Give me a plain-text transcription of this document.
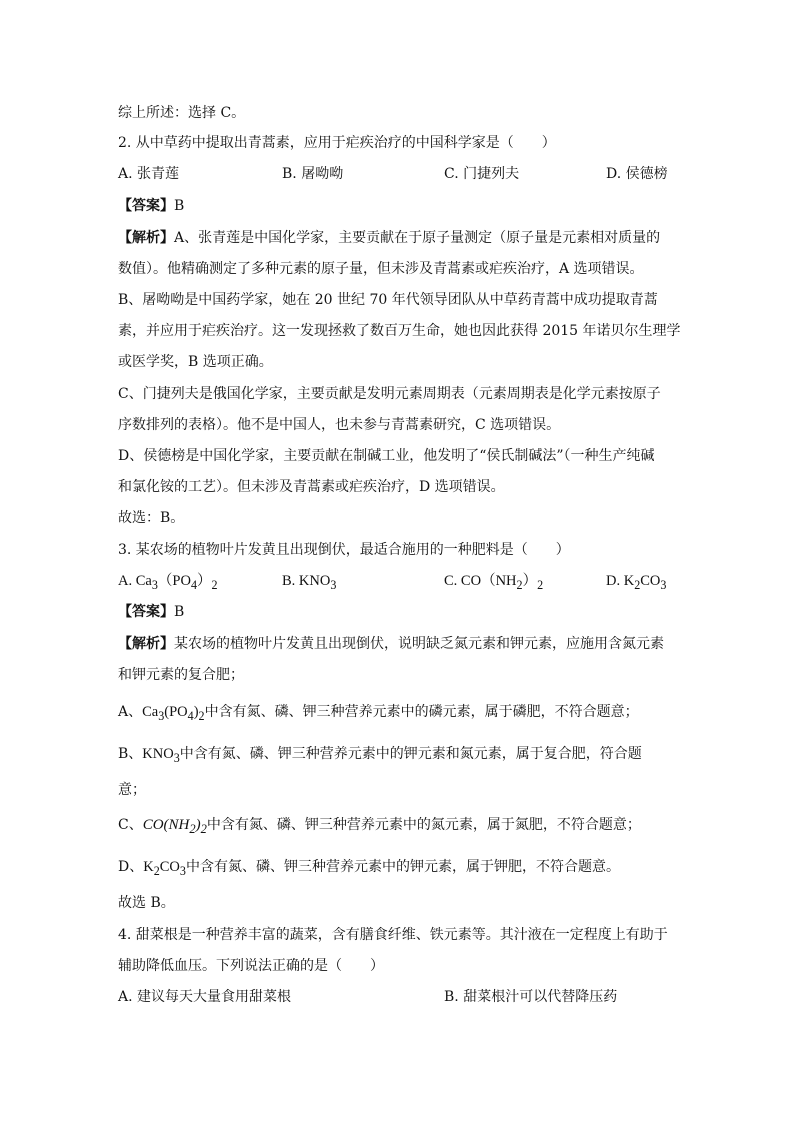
综上所述：选择 C。
2. 从中草药中提取出青蒿素，应用于疟疾治疗的中国科学家是（　　）
A. 张青莲	B. 屠呦呦	C. 门捷列夫	D. 侯德榜
【答案】B
【解析】A、张青莲是中国化学家，主要贡献在于原子量测定（原子量是元素相对质量的
数值）。他精确测定了多种元素的原子量，但未涉及青蒿素或疟疾治疗，A 选项错误。
B、屠呦呦是中国药学家，她在 20 世纪 70 年代领导团队从中草药青蒿中成功提取青蒿
素，并应用于疟疾治疗。这一发现拯救了数百万生命，她也因此获得 2015 年诺贝尔生理学
或医学奖，B 选项正确。
C、门捷列夫是俄国化学家，主要贡献是发明元素周期表（元素周期表是化学元素按原子
序数排列的表格）。他不是中国人，也未参与青蒿素研究，C 选项错误。
D、侯德榜是中国化学家，主要贡献在制碱工业，他发明了“侯氏制碱法”（一种生产纯碱
和氯化铵的工艺）。但未涉及青蒿素或疟疾治疗，D 选项错误。
故选：B。
3. 某农场的植物叶片发黄且出现倒伏，最适合施用的一种肥料是（　　）
A. $Ca_3(PO_4)_2$	B. $KNO_3$	C. $CO(NH_2)_2$	D. $K_2CO_3$
【答案】B
【解析】某农场的植物叶片发黄且出现倒伏，说明缺乏氮元素和钾元素，应施用含氮元素
和钾元素的复合肥；
A、$Ca_3(PO_4)_2$中含有氮、磷、钾三种营养元素中的磷元素，属于磷肥，不符合题意；
B、$KNO_3$中含有氮、磷、钾三种营养元素中的钾元素和氮元素，属于复合肥，符合题
意；
C、$CO(NH_2)_2$中含有氮、磷、钾三种营养元素中的氮元素，属于氮肥，不符合题意；
D、$K_2CO_3$中含有氮、磷、钾三种营养元素中的钾元素，属于钾肥，不符合题意。
故选 B。
4. 甜菜根是一种营养丰富的蔬菜，含有膳食纤维、铁元素等。其汁液在一定程度上有助于
辅助降低血压。下列说法正确的是（　　）
A. 建议每天大量食用甜菜根	B. 甜菜根汁可以代替降压药
